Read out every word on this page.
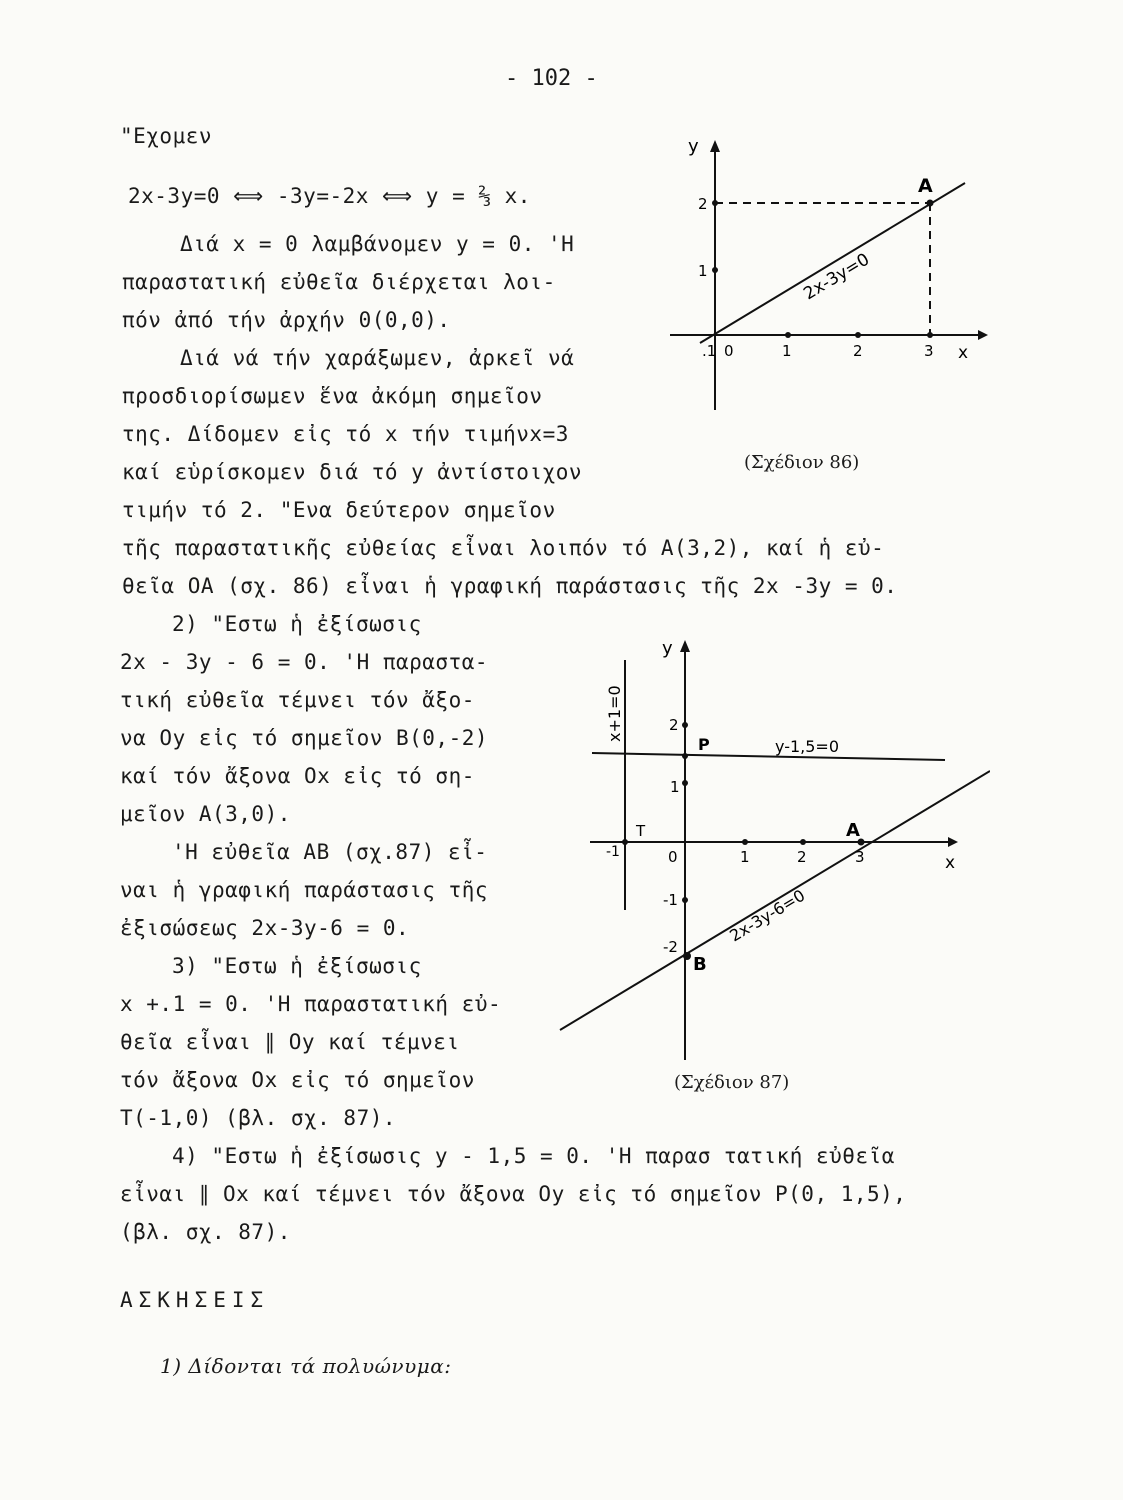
- 102 -
"Εχομεν
2x-3y=0 ⟺ -3y=-2x ⟺ y = ⅔ x.
Διά x = 0 λαμβάνομεν y = 0. 'Η
παραστατική εὐθεῖα διέρχεται λοι-
πόν ἀπό τήν ἀρχήν 0(0,0).
Διά νά τήν χαράξωμεν, ἀρκεῖ νά
προσδιορίσωμεν ἕνα ἀκόμη σημεῖον
της. Δίδομεν εἰς τό x τήν τιμήνx=3
καί εὑρίσκομεν διά τό y ἀντίστοιχον
τιμήν τό 2. "Ενα δεύτερον σημεῖον
τῆς παραστατικῆς εὐθείας εἶναι λοιπόν τό A(3,2), καί ἡ εὐ-
θεῖα OA (σχ. 86) εἶναι ἡ γραφική παράστασις τῆς 2x -3y = 0.
2) "Εστω ἡ ἐξίσωσις
2x - 3y - 6 = 0. 'Η παραστα-
τική εὐθεῖα τέμνει τόν ἄξο-
να Oy εἰς τό σημεῖον B(0,-2)
καί τόν ἄξονα Ox εἰς τό ση-
μεῖον A(3,0).
'Η εὐθεῖα AB (σχ.87) εἶ-
ναι ἡ γραφική παράστασις τῆς
ἐξισώσεως 2x-3y-6 = 0.
3) "Εστω ἡ ἐξίσωσις
x +.1 = 0. 'Η παραστατική εὐ-
θεῖα εἶναι ∥ Oy καί τέμνει
τόν ἄξονα Ox εἰς τό σημεῖον
T(-1,0) (βλ. σχ. 87).
4) "Εστω ἡ ἐξίσωσις y - 1,5 = 0. 'Η παρασ τατική εὐθεῖα
εἶναι ∥ Ox καί τέμνει τόν ἄξονα Oy εἰς τό σημεῖον P(0, 1,5),
(βλ. σχ. 87).
ΑΣΚΗΣΕΙΣ
1) Δίδονται τά πολυώνυμα:
y
x
0
.1	1	2	3
1
2
A
2x-3y=0
(Σχέδιον 86)
y
x
0
-1	1	2	3
2
1
-1
-2
x+1=0
y-1,5=0
2x-3y-6=0
P
T	A
B
(Σχέδιον 87)
